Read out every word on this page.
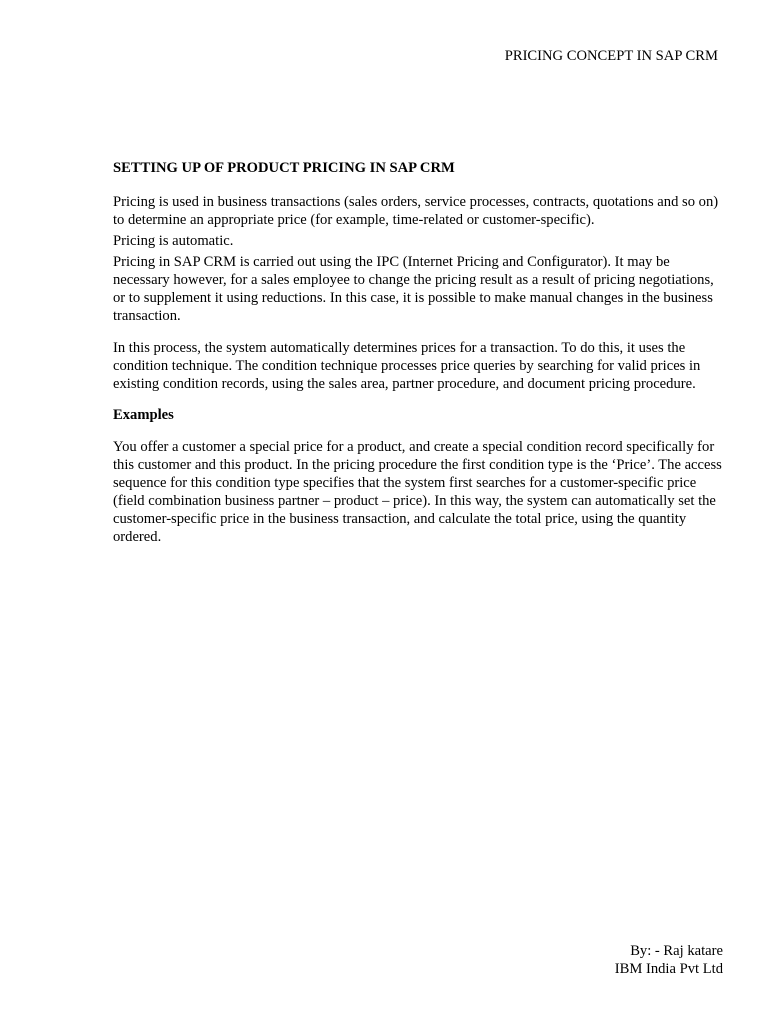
PRICING CONCEPT IN SAP CRM
SETTING UP OF PRODUCT PRICING IN SAP CRM

Pricing is used in business transactions (sales orders, service processes, contracts, quotations and so on) to determine an appropriate price (for example, time-related or customer-specific).

Pricing is automatic.

Pricing in SAP CRM is carried out using the IPC (Internet Pricing and Configurator). It may be necessary however, for a sales employee to change the pricing result as a result of pricing negotiations, or to supplement it using reductions. In this case, it is possible to make manual changes in the business transaction.

In this process, the system automatically determines prices for a transaction. To do this, it uses the condition technique. The condition technique processes price queries by searching for valid prices in existing condition records, using the sales area, partner procedure, and document pricing procedure.

Examples

You offer a customer a special price for a product, and create a special condition record specifically for this customer and this product. In the pricing procedure the first condition type is the ‘Price’. The access sequence for this condition type specifies that the system first searches for a customer-specific price (field combination business partner – product – price). In this way, the system can automatically set the customer-specific price in the business transaction, and calculate the total price, using the quantity ordered.

By: - Raj katare
IBM India Pvt Ltd
